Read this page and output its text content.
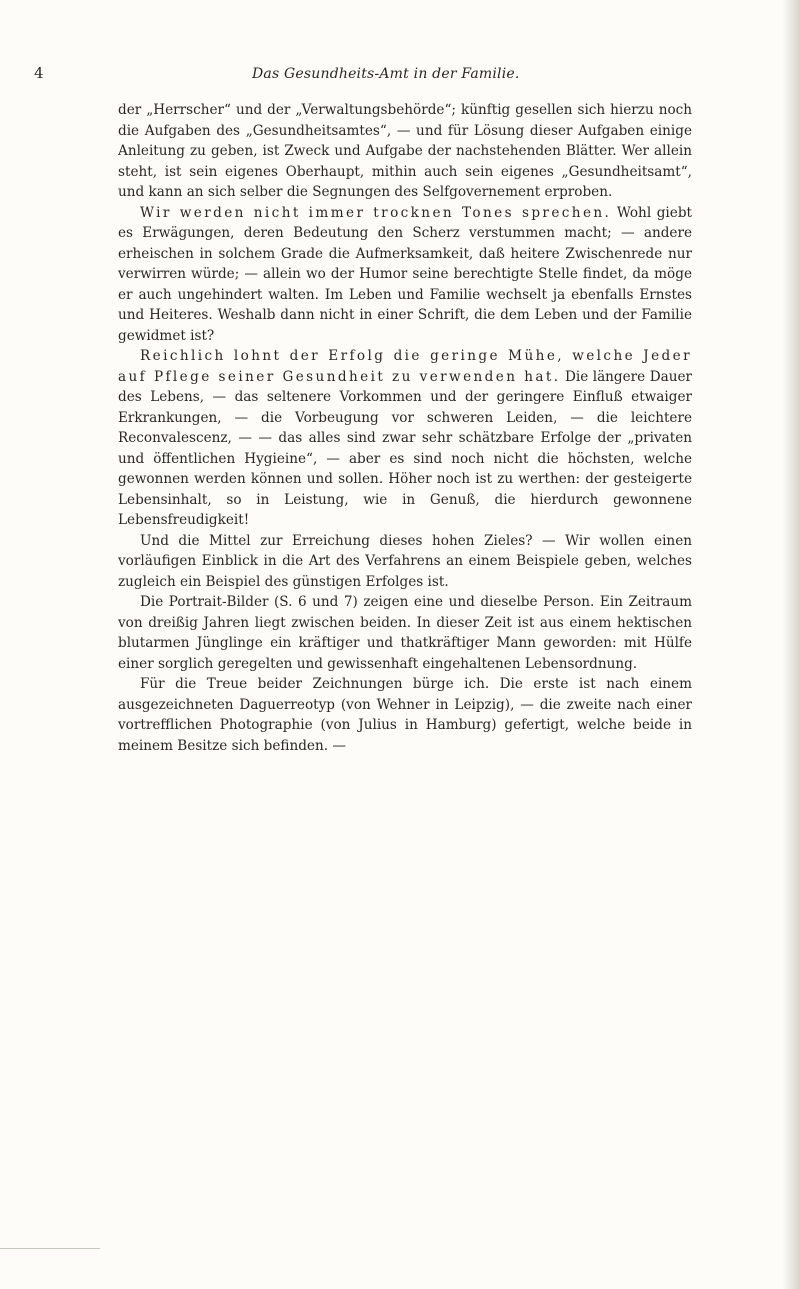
4	Das Gesundheits-Amt in der Familie.

der „Herrscher“ und der „Verwaltungsbehörde“; künftig gesellen sich hierzu noch die Aufgaben des „Gesundheitsamtes“, — und für Lösung dieser Aufgaben einige Anleitung zu geben, ist Zweck und Aufgabe der nachstehenden Blätter. Wer allein steht, ist sein eigenes Oberhaupt, mithin auch sein eigenes „Gesundheitsamt“, und kann an sich selber die Segnungen des Selfgovernement erproben.

Wir werden nicht immer trocknen Tones sprechen. Wohl giebt es Erwägungen, deren Bedeutung den Scherz verstummen macht; — andere erheischen in solchem Grade die Aufmerksamkeit, daß heitere Zwischenrede nur verwirren würde; — allein wo der Humor seine berechtigte Stelle findet, da möge er auch ungehindert walten. Im Leben und Familie wechselt ja ebenfalls Ernstes und Heiteres. Weshalb dann nicht in einer Schrift, die dem Leben und der Familie gewidmet ist?

Reichlich lohnt der Erfolg die geringe Mühe, welche Jeder auf Pflege seiner Gesundheit zu verwenden hat. Die längere Dauer des Lebens, — das seltenere Vorkommen und der geringere Einfluß etwaiger Erkrankungen, — die Vorbeugung vor schweren Leiden, — die leichtere Reconvalescenz, — — das alles sind zwar sehr schätzbare Erfolge der „privaten und öffentlichen Hygieine“, — aber es sind noch nicht die höchsten, welche gewonnen werden können und sollen. Höher noch ist zu werthen: der gesteigerte Lebensinhalt, so in Leistung, wie in Genuß, die hierdurch gewonnene Lebensfreudigkeit!

Und die Mittel zur Erreichung dieses hohen Zieles? — Wir wollen einen vorläufigen Einblick in die Art des Verfahrens an einem Beispiele geben, welches zugleich ein Beispiel des günstigen Erfolges ist.

Die Portrait-Bilder (S. 6 und 7) zeigen eine und dieselbe Person. Ein Zeitraum von dreißig Jahren liegt zwischen beiden. In dieser Zeit ist aus einem hektischen blutarmen Jünglinge ein kräftiger und thatkräftiger Mann geworden: mit Hülfe einer sorglich geregelten und gewissenhaft eingehaltenen Lebensordnung.

Für die Treue beider Zeichnungen bürge ich. Die erste ist nach einem ausgezeichneten Daguerreotyp (von Wehner in Leipzig), — die zweite nach einer vortrefflichen Photographie (von Julius in Hamburg) gefertigt, welche beide in meinem Besitze sich befinden. —
